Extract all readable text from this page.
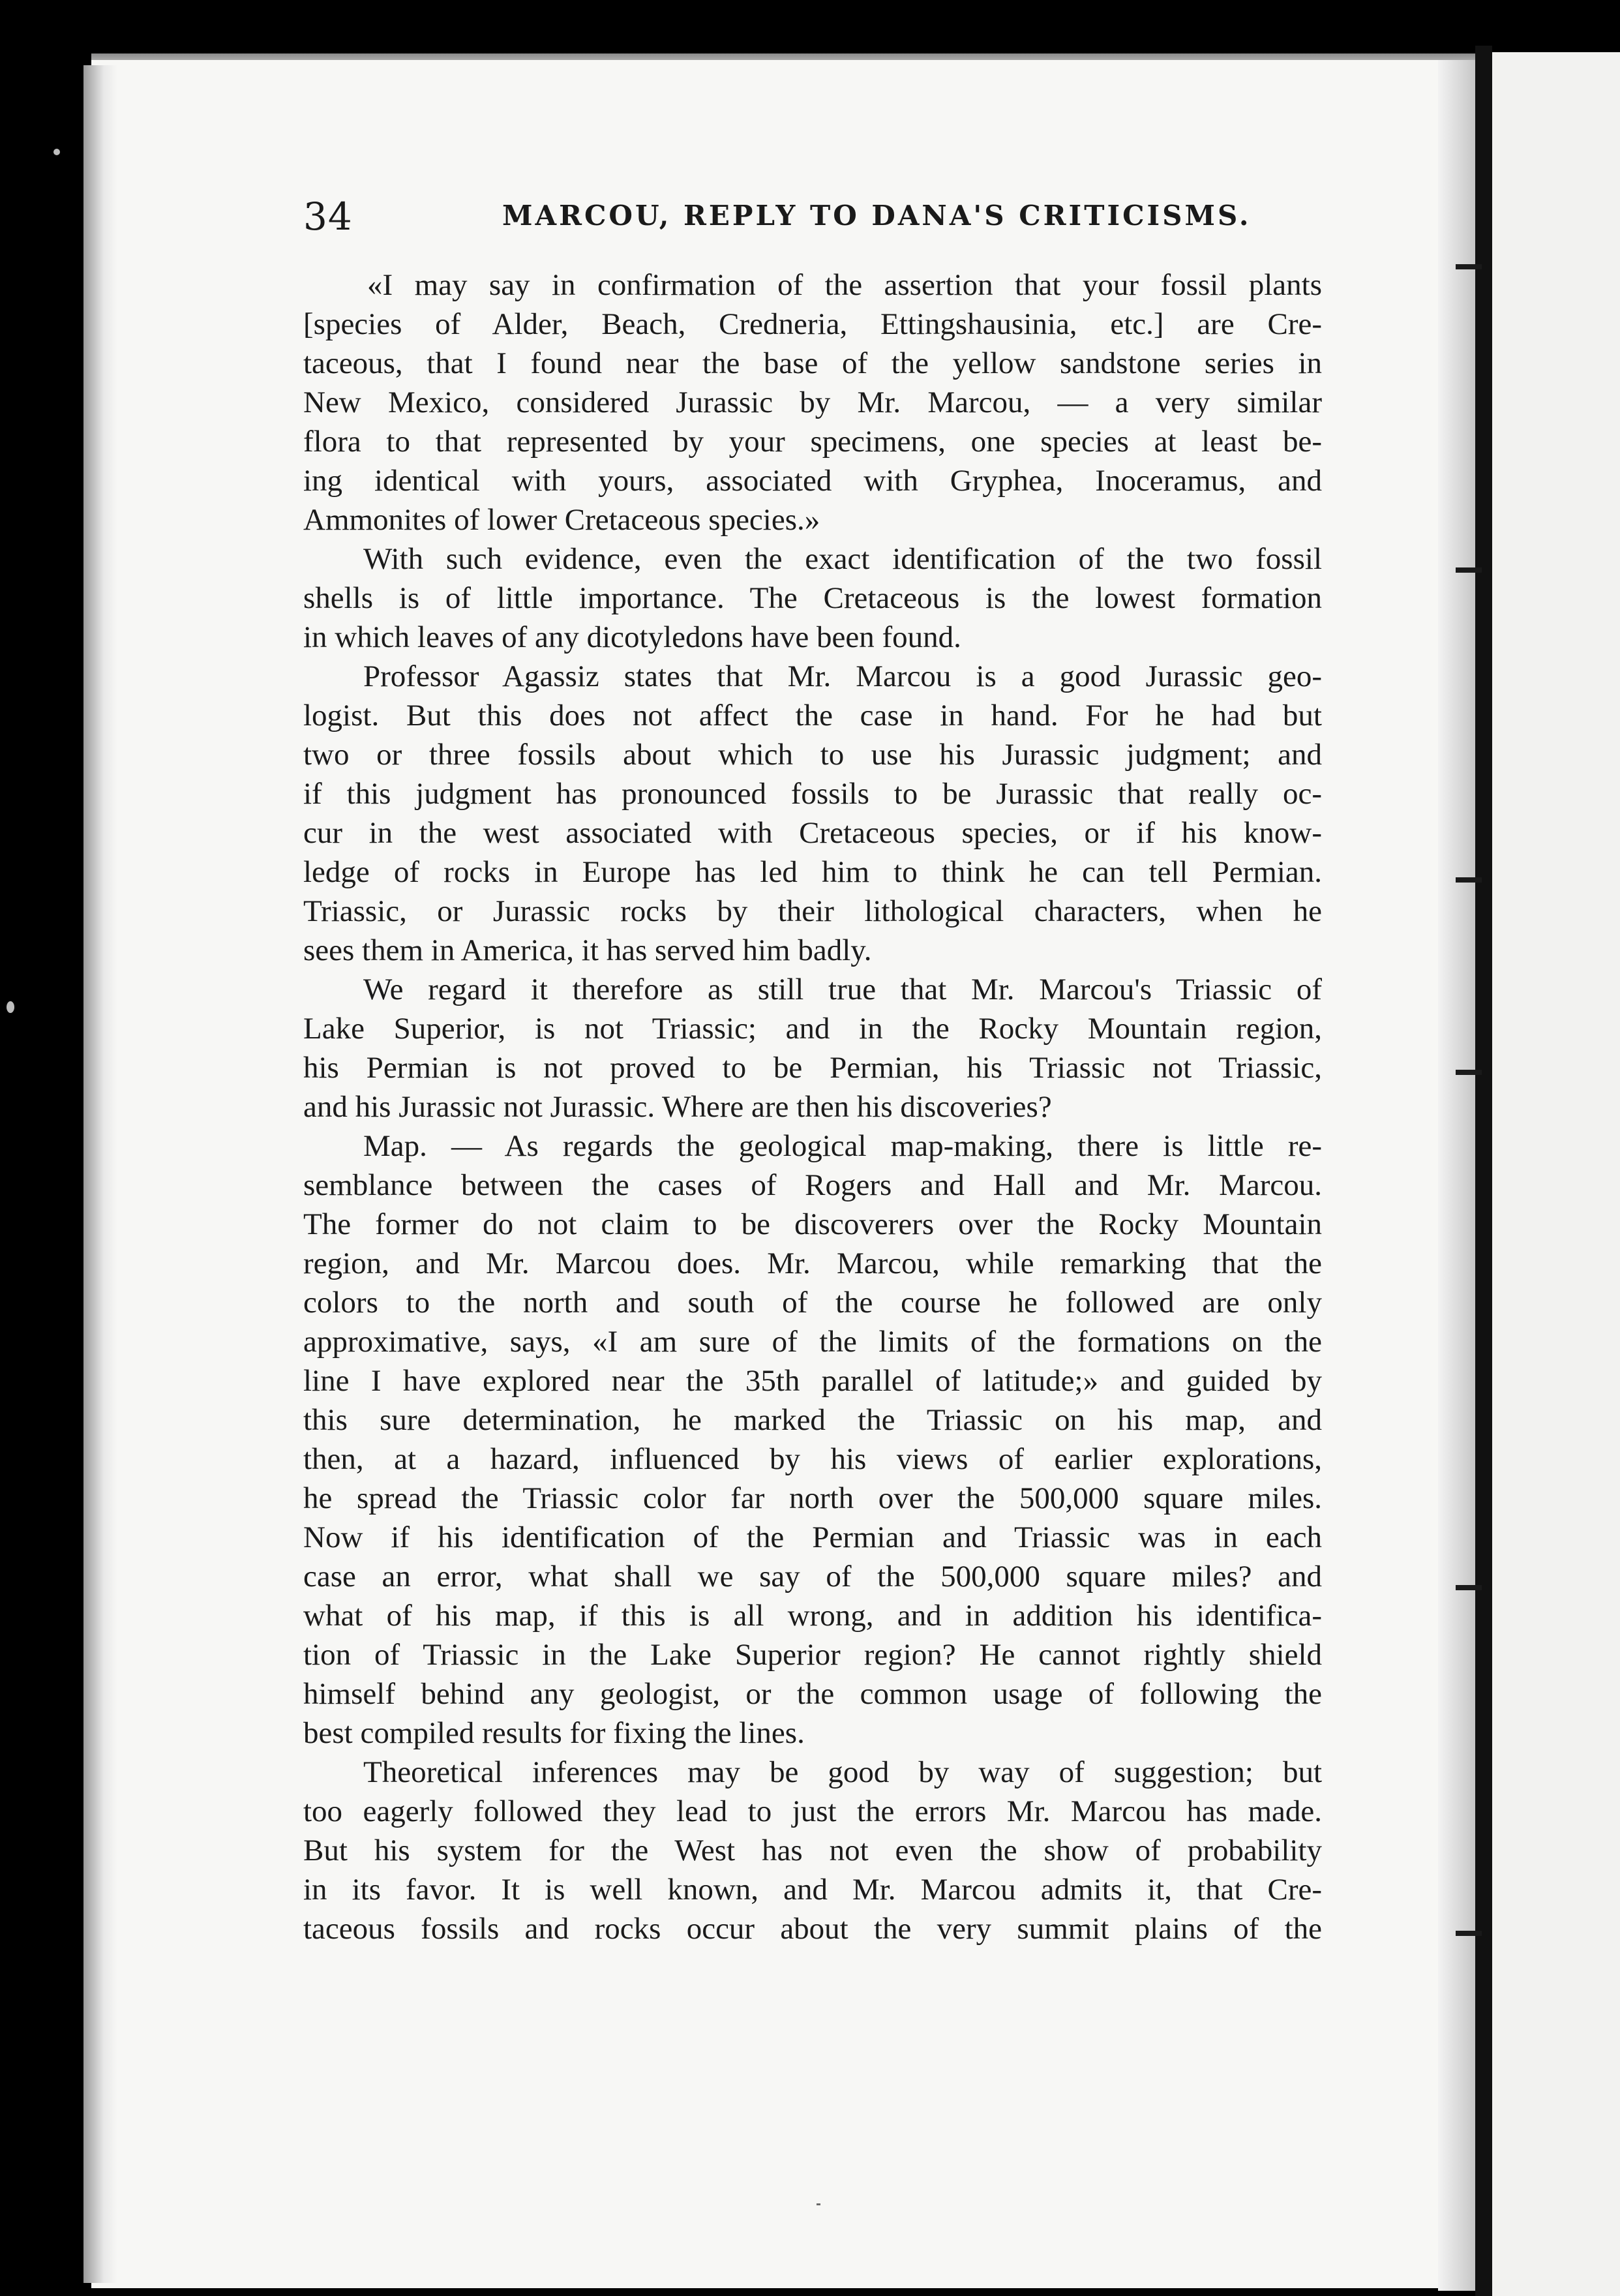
34	MARCOU, REPLY TO DANA'S CRITICISMS.
«I may say in confirmation of the assertion that your fossil plants
[species of Alder, Beach, Credneria, Ettingshausinia, etc.] are Cre-
taceous, that I found near the base of the yellow sandstone series in
New Mexico, considered Jurassic by Mr. Marcou, — a very similar
flora to that represented by your specimens, one species at least be-
ing identical with yours, associated with Gryphea, Inoceramus, and
Ammonites of lower Cretaceous species.»
With such evidence, even the exact identification of the two fossil
shells is of little importance. The Cretaceous is the lowest formation
in which leaves of any dicotyledons have been found.
Professor Agassiz states that Mr. Marcou is a good Jurassic geo-
logist. But this does not affect the case in hand. For he had but
two or three fossils about which to use his Jurassic judgment; and
if this judgment has pronounced fossils to be Jurassic that really oc-
cur in the west associated with Cretaceous species, or if his know-
ledge of rocks in Europe has led him to think he can tell Permian.
Triassic, or Jurassic rocks by their lithological characters, when he
sees them in America, it has served him badly.
We regard it therefore as still true that Mr. Marcou's Triassic of
Lake Superior, is not Triassic; and in the Rocky Mountain region,
his Permian is not proved to be Permian, his Triassic not Triassic,
and his Jurassic not Jurassic. Where are then his discoveries?
Map. — As regards the geological map-making, there is little re-
semblance between the cases of Rogers and Hall and Mr. Marcou.
The former do not claim to be discoverers over the Rocky Mountain
region, and Mr. Marcou does. Mr. Marcou, while remarking that the
colors to the north and south of the course he followed are only
approximative, says, «I am sure of the limits of the formations on the
line I have explored near the 35th parallel of latitude;» and guided by
this sure determination, he marked the Triassic on his map, and
then, at a hazard, influenced by his views of earlier explorations,
he spread the Triassic color far north over the 500,000 square miles.
Now if his identification of the Permian and Triassic was in each
case an error, what shall we say of the 500,000 square miles? and
what of his map, if this is all wrong, and in addition his identifica-
tion of Triassic in the Lake Superior region? He cannot rightly shield
himself behind any geologist, or the common usage of following the
best compiled results for fixing the lines.
Theoretical inferences may be good by way of suggestion; but
too eagerly followed they lead to just the errors Mr. Marcou has made.
But his system for the West has not even the show of probability
in its favor. It is well known, and Mr. Marcou admits it, that Cre-
taceous fossils and rocks occur about the very summit plains of the
